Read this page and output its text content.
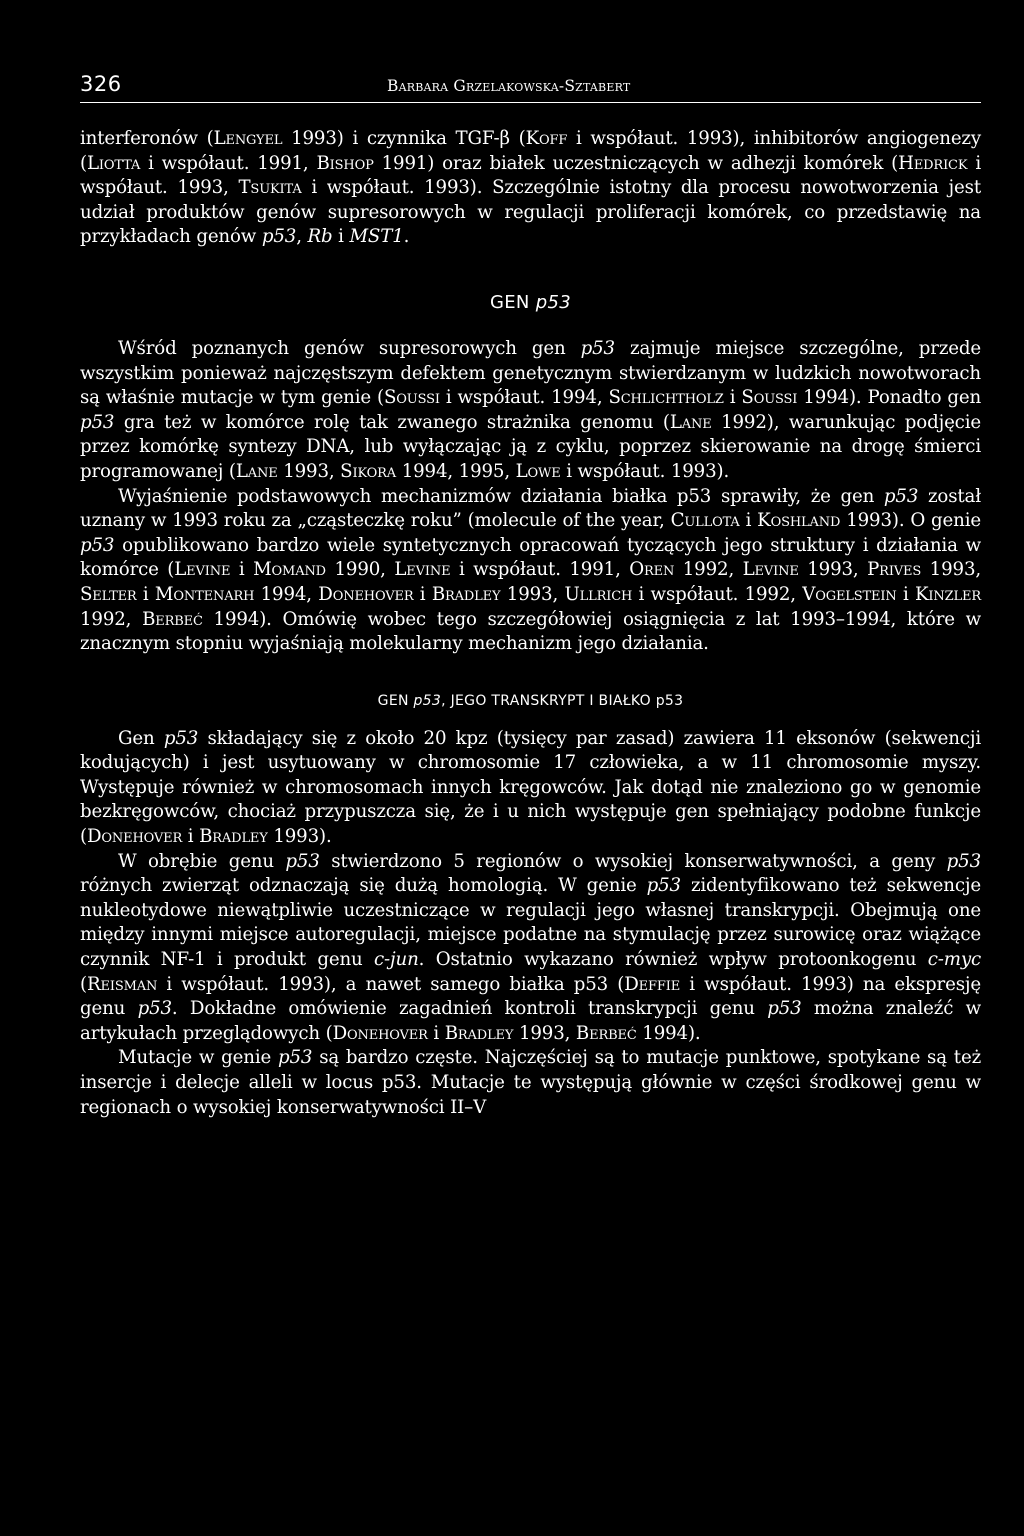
326	Barbara Grzelakowska-Sztabert

interferonów (Lengyel 1993) i czynnika TGF-β (Koff i współaut. 1993), inhibitorów angiogenezy (Liotta i współaut. 1991, Bishop 1991) oraz białek uczestniczących w adhezji komórek (Hedrick i współaut. 1993, Tsukita i współaut. 1993). Szczególnie istotny dla procesu nowotworzenia jest udział produktów genów supresorowych w regulacji proliferacji komórek, co przedstawię na przykładach genów p53, Rb i MST1.

GEN p53

Wśród poznanych genów supresorowych gen p53 zajmuje miejsce szczególne, przede wszystkim ponieważ najczęstszym defektem genetycznym stwierdzanym w ludzkich nowotworach są właśnie mutacje w tym genie (Soussi i współaut. 1994, Schlichtholz i Soussi 1994). Ponadto gen p53 gra też w komórce rolę tak zwanego strażnika genomu (Lane 1992), warunkując podjęcie przez komórkę syntezy DNA, lub wyłączając ją z cyklu, poprzez skierowanie na drogę śmierci programowanej (Lane 1993, Sikora 1994, 1995, Lowe i współaut. 1993).

Wyjaśnienie podstawowych mechanizmów działania białka p53 sprawiły, że gen p53 został uznany w 1993 roku za „cząsteczkę roku” (molecule of the year, Cullota i Koshland 1993). O genie p53 opublikowano bardzo wiele syntetycznych opracowań tyczących jego struktury i działania w komórce (Levine i Momand 1990, Levine i współaut. 1991, Oren 1992, Levine 1993, Prives 1993, Selter i Montenarh 1994, Donehover i Bradley 1993, Ullrich i współaut. 1992, Vogelstein i Kinzler 1992, Berbeć 1994). Omówię wobec tego szczegółowiej osiągnięcia z lat 1993–1994, które w znacznym stopniu wyjaśniają molekularny mechanizm jego działania.

GEN p53, JEGO TRANSKRYPT I BIAŁKO p53

Gen p53 składający się z około 20 kpz (tysięcy par zasad) zawiera 11 eksonów (sekwencji kodujących) i jest usytuowany w chromosomie 17 człowieka, a w 11 chromosomie myszy. Występuje również w chromosomach innych kręgowców. Jak dotąd nie znaleziono go w genomie bezkręgowców, chociaż przypuszcza się, że i u nich występuje gen spełniający podobne funkcje (Donehover i Bradley 1993).

W obrębie genu p53 stwierdzono 5 regionów o wysokiej konserwatywności, a geny p53 różnych zwierząt odznaczają się dużą homologią. W genie p53 zidentyfikowano też sekwencje nukleotydowe niewątpliwie uczestniczące w regulacji jego własnej transkrypcji. Obejmują one między innymi miejsce autoregulacji, miejsce podatne na stymulację przez surowicę oraz wiążące czynnik NF-1 i produkt genu c-jun. Ostatnio wykazano również wpływ protoonkogenu c-myc (Reisman i współaut. 1993), a nawet samego białka p53 (Deffie i współaut. 1993) na ekspresję genu p53. Dokładne omówienie zagadnień kontroli transkrypcji genu p53 można znaleźć w artykułach przeglądowych (Donehover i Bradley 1993, Berbeć 1994).

Mutacje w genie p53 są bardzo częste. Najczęściej są to mutacje punktowe, spotykane są też insercje i delecje alleli w locus p53. Mutacje te występują głównie w części środkowej genu w regionach o wysokiej konserwatywności II–V
